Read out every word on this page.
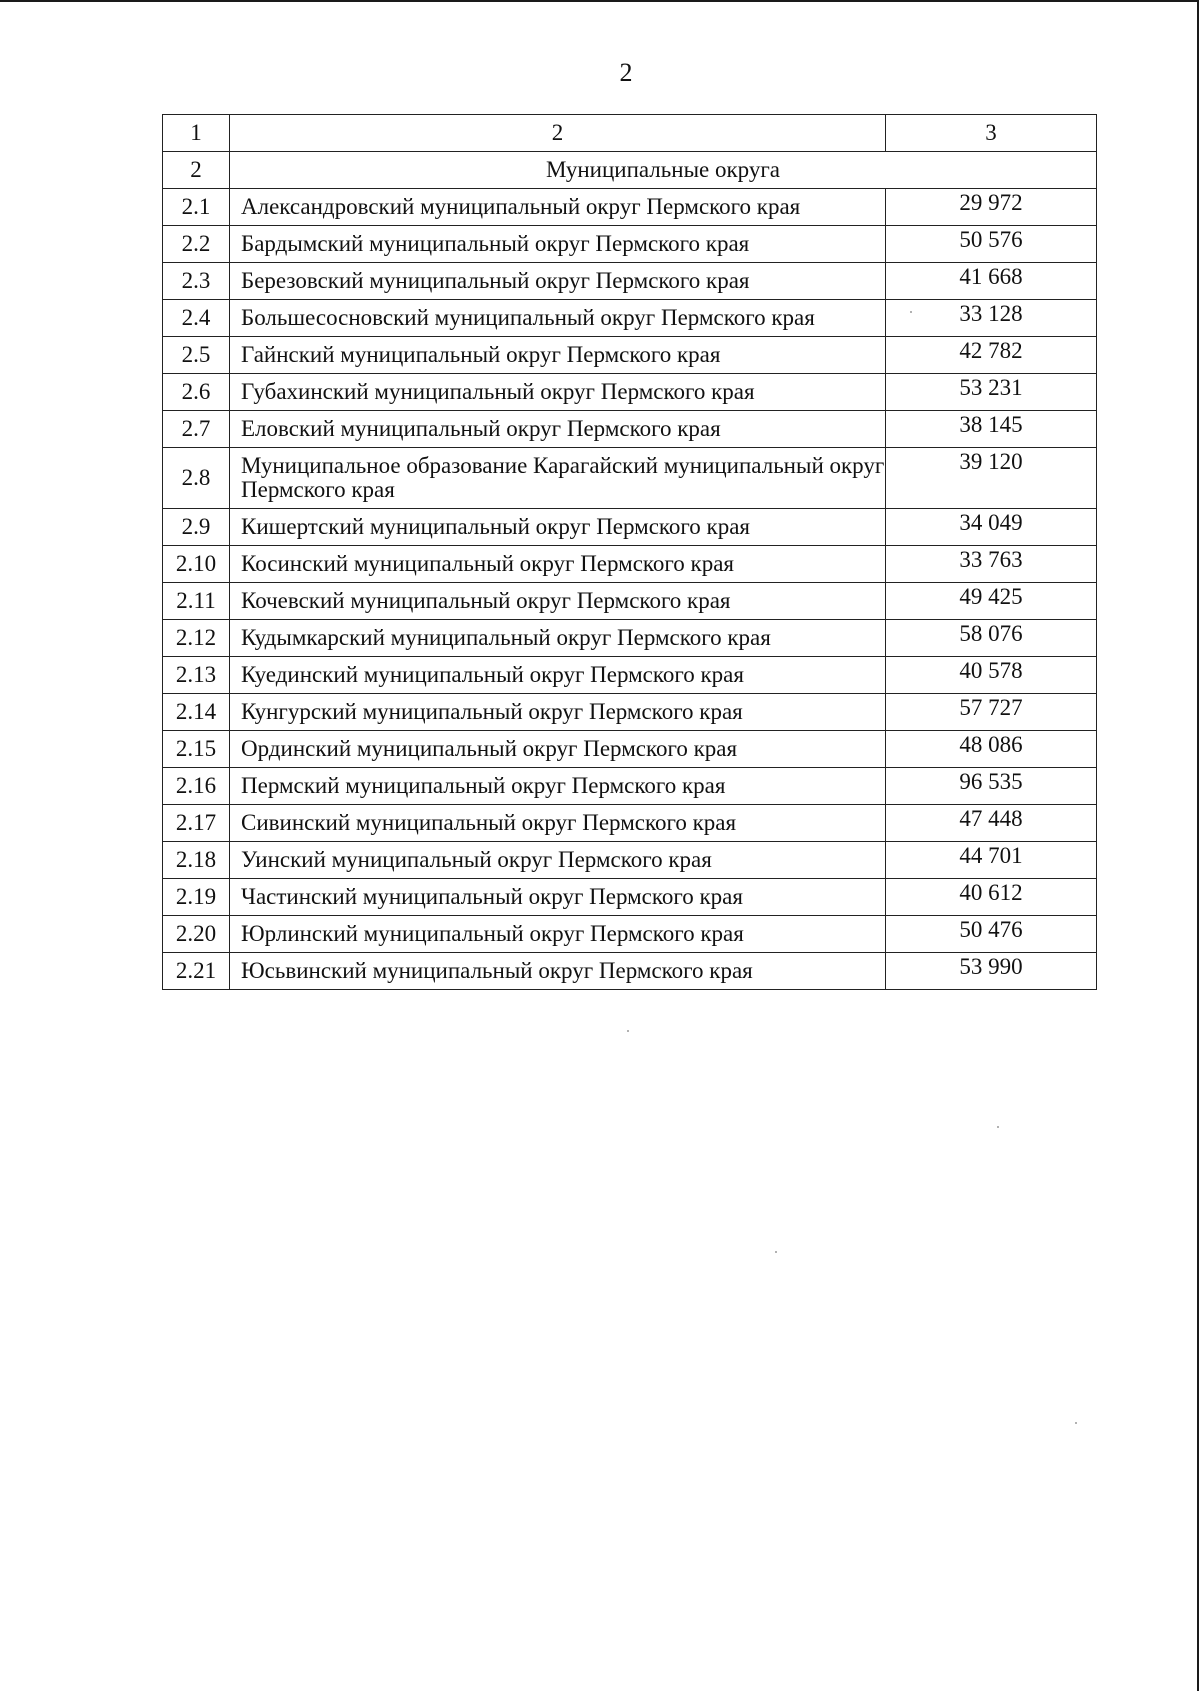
2
1	2	3
2	Муниципальные округа	
2.1	Александровский муниципальный округ Пермского края	29 972
2.2	Бардымский муниципальный округ Пермского края	50 576
2.3	Березовский муниципальный округ Пермского края	41 668
2.4	Большесосновский муниципальный округ Пермского края	33 128
2.5	Гайнский муниципальный округ Пермского края	42 782
2.6	Губахинский муниципальный округ Пермского края	53 231
2.7	Еловский муниципальный округ Пермского края	38 145
2.8	Муниципальное образование Карагайский муниципальный округ Пермского края	39 120
2.9	Кишертский муниципальный округ Пермского края	34 049
2.10	Косинский муниципальный округ Пермского края	33 763
2.11	Кочевский муниципальный округ Пермского края	49 425
2.12	Кудымкарский муниципальный округ Пермского края	58 076
2.13	Куединский муниципальный округ Пермского края	40 578
2.14	Кунгурский муниципальный округ Пермского края	57 727
2.15	Ординский муниципальный округ Пермского края	48 086
2.16	Пермский муниципальный округ Пермского края	96 535
2.17	Сивинский муниципальный округ Пермского края	47 448
2.18	Уинский муниципальный округ Пермского края	44 701
2.19	Частинский муниципальный округ Пермского края	40 612
2.20	Юрлинский муниципальный округ Пермского края	50 476
2.21	Юсьвинский муниципальный округ Пермского края	53 990
